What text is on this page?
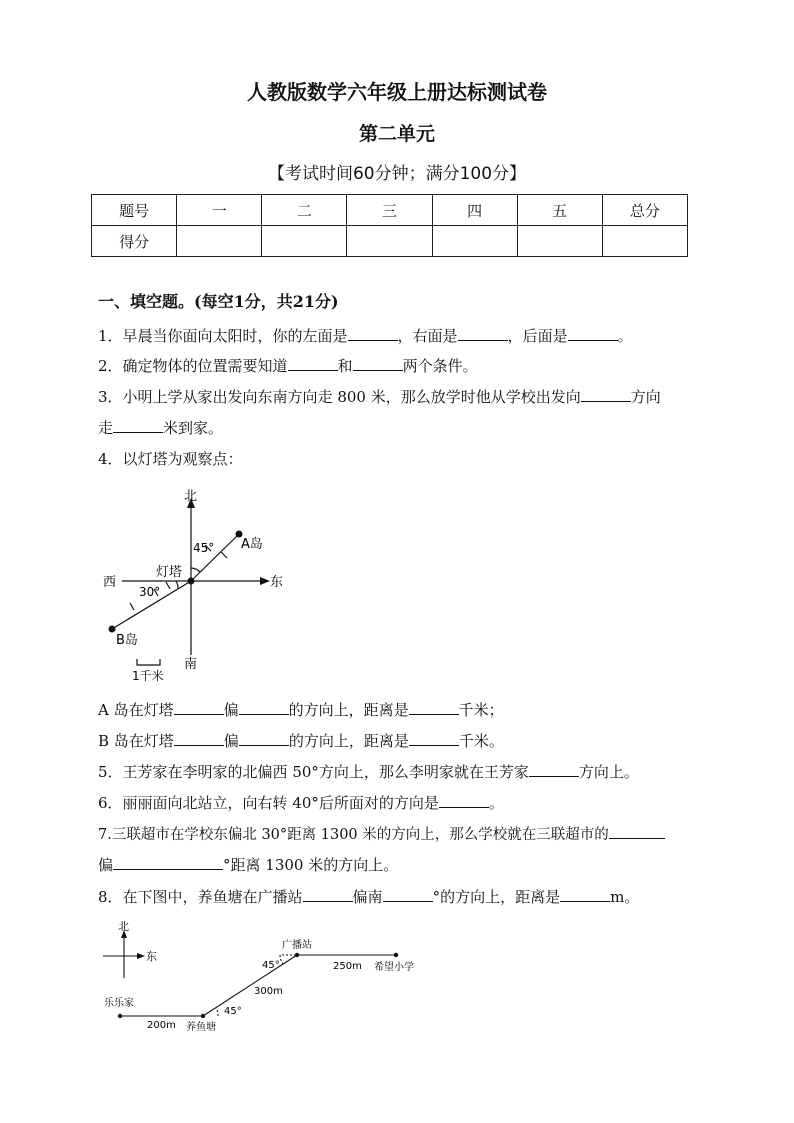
人教版数学六年级上册达标测试卷
第二单元
【考试时间60分钟；满分100分】
题号	一	二	三	四	五	总分
得分						
一、填空题。(每空1分，共21分)
1．早晨当你面向太阳时，你的左面是	，右面是	，后面是	。
2．确定物体的位置需要知道	和	两个条件。
3．小明上学从家出发向东南方向走 800 米，那么放学时他从学校出发向	方向
走	米到家。
4．以灯塔为观察点：
北
南
东
西
灯塔
A岛
B岛
45°
30°
1千米
A 岛在灯塔	偏	的方向上，距离是	千米；
B 岛在灯塔	偏	的方向上，距离是	千米。
5．王芳家在李明家的北偏西 50°方向上，那么李明家就在王芳家	方向上。
6．丽丽面向北站立，向右转 40°后所面对的方向是	。
7.三联超市在学校东偏北 30°距离 1300 米的方向上，那么学校就在三联超市的
偏	°距离 1300 米的方向上。
8．在下图中，养鱼塘在广播站	偏南	°的方向上，距离是	m。
北
东
广播站
希望小学
乐乐家
养鱼塘
250m
300m
200m
45°
45°
